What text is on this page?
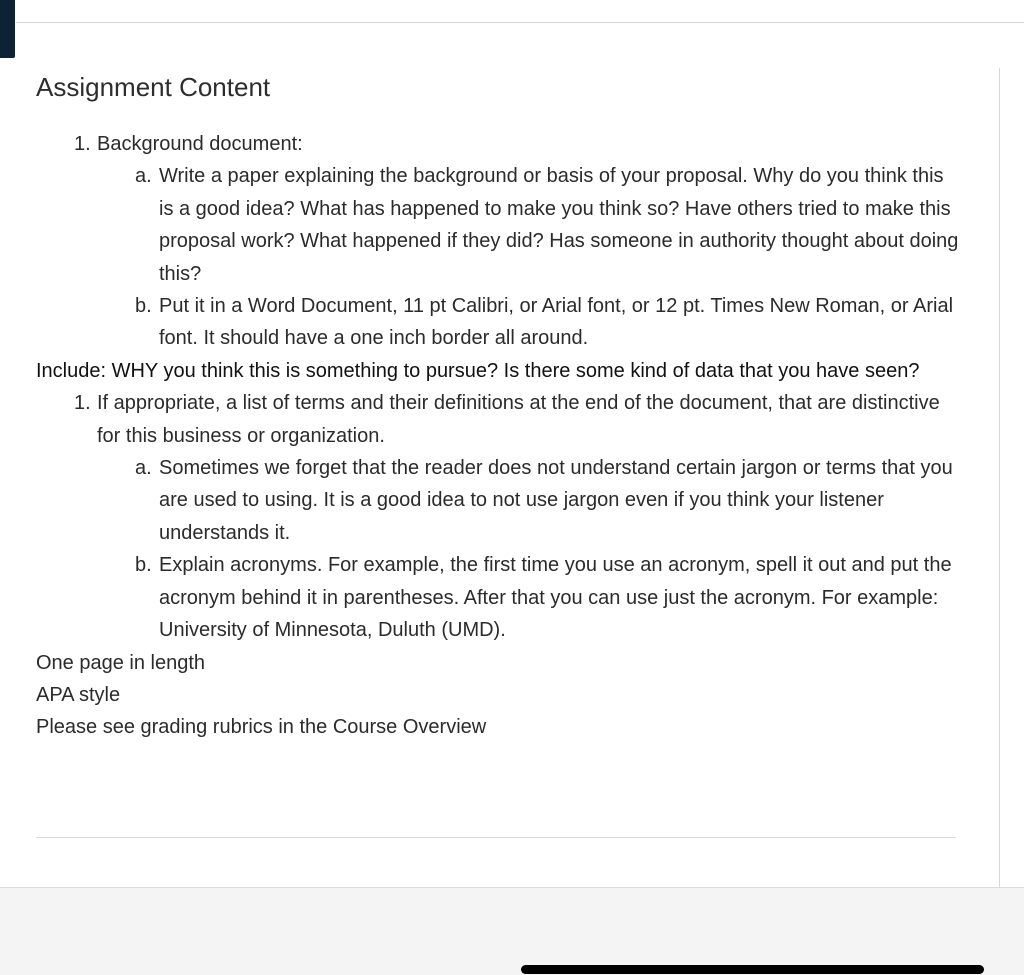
Assignment Content
1. Background document:
a. Write a paper explaining the background or basis of your proposal. Why do you think this is a good idea? What has happened to make you think so? Have others tried to make this proposal work? What happened if they did? Has someone in authority thought about doing this?
b. Put it in a Word Document, 11 pt Calibri, or Arial font, or 12 pt. Times New Roman, or Arial font. It should have a one inch border all around.
Include: WHY you think this is something to pursue? Is there some kind of data that you have seen?
1. If appropriate, a list of terms and their definitions at the end of the document, that are distinctive for this business or organization.
a. Sometimes we forget that the reader does not understand certain jargon or terms that you are used to using. It is a good idea to not use jargon even if you think your listener understands it.
b. Explain acronyms. For example, the first time you use an acronym, spell it out and put the acronym behind it in parentheses. After that you can use just the acronym. For example: University of Minnesota, Duluth (UMD).
One page in length
APA style
Please see grading rubrics in the Course Overview
